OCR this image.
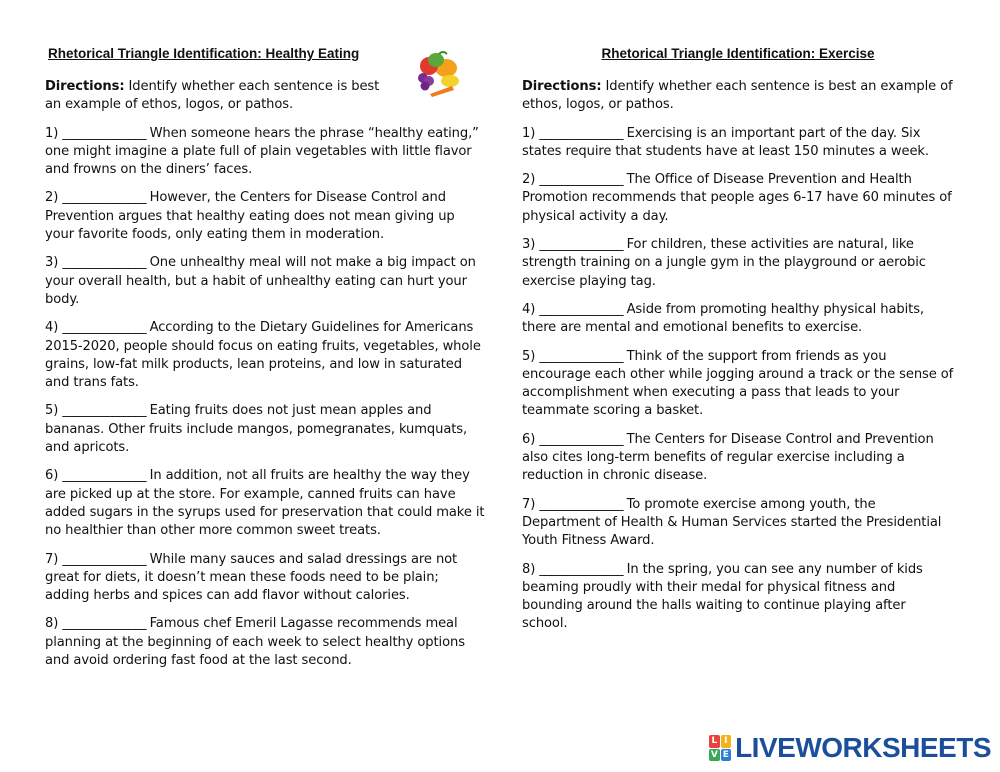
Rhetorical Triangle Identification: Healthy Eating

Directions: Identify whether each sentence is best an example of ethos, logos, or pathos.

1) _______________ When someone hears the phrase “healthy eating,” one might imagine a plate full of plain vegetables with little flavor and frowns on the diners’ faces.

2) _______________ However, the Centers for Disease Control and Prevention argues that healthy eating does not mean giving up your favorite foods, only eating them in moderation.

3) _______________ One unhealthy meal will not make a big impact on your overall health, but a habit of unhealthy eating can hurt your body.

4) _______________ According to the Dietary Guidelines for Americans 2015-2020, people should focus on eating fruits, vegetables, whole grains, low-fat milk products, lean proteins, and low in saturated and trans fats.

5) _______________ Eating fruits does not just mean apples and bananas. Other fruits include mangos, pomegranates, kumquats, and apricots.

6) _______________ In addition, not all fruits are healthy the way they are picked up at the store. For example, canned fruits can have added sugars in the syrups used for preservation that could make it no healthier than other more common sweet treats.

7) _______________ While many sauces and salad dressings are not great for diets, it doesn’t mean these foods need to be plain; adding herbs and spices can add flavor without calories.

8) _______________ Famous chef Emeril Lagasse recommends meal planning at the beginning of each week to select healthy options and avoid ordering fast food at the last second.

Rhetorical Triangle Identification: Exercise

Directions: Identify whether each sentence is best an example of ethos, logos, or pathos.

1) _______________ Exercising is an important part of the day. Six states require that students have at least 150 minutes a week.

2) _______________ The Office of Disease Prevention and Health Promotion recommends that people ages 6-17 have 60 minutes of physical activity a day.

3) _______________ For children, these activities are natural, like strength training on a jungle gym in the playground or aerobic exercise playing tag.

4) _______________ Aside from promoting healthy physical habits, there are mental and emotional benefits to exercise.

5) _______________ Think of the support from friends as you encourage each other while jogging around a track or the sense of accomplishment when executing a pass that leads to your teammate scoring a basket.

6) _______________ The Centers for Disease Control and Prevention also cites long-term benefits of regular exercise including a reduction in chronic disease.

7) _______________ To promote exercise among youth, the Department of Health & Human Services started the Presidential Youth Fitness Award.

8) _______________ In the spring, you can see any number of kids beaming proudly with their medal for physical fitness and bounding around the halls waiting to continue playing after school.

L I
V E LIVEWORKSHEETS
